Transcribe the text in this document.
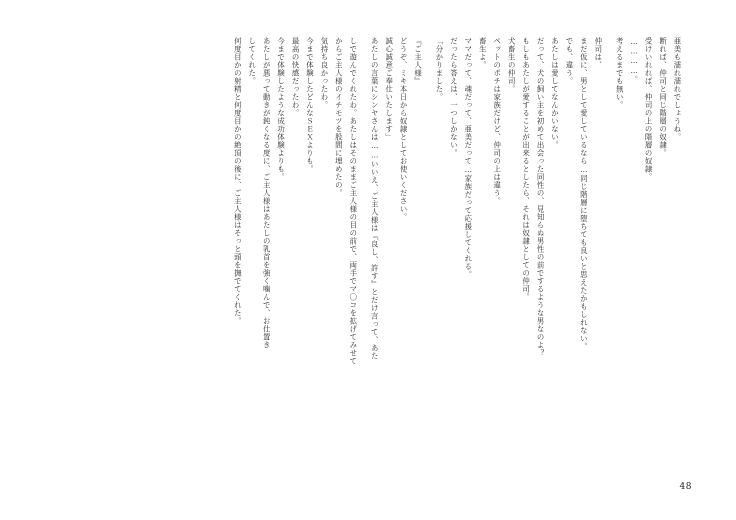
亜美も濡れ濡れでしょうね。

断れば、仲司と同じ階層の奴隷。

受けいれれば、仲司の上の階層の奴隷。

…………。

考えるまでも無い。

仲司は、

まだ仮に、男として愛しているなら…同じ階層に堕ちても良いと思えたかもしれない。

でも、違う。

あたしは愛してなんかいない。

だって、犬の飼い主を初めて出会った同性の、見知らぬ男性の前でするような男なのよ？

もしもあたしが愛することが出来るとしたら、それは奴隷としての仲司。

犬畜生の仲司。

ペットのポチは家族だけど、仲司の上は違う。

畜生よ。

ママだって、魂だって、亜美だって…家族だって応援してくれる。

だったら答えは、一つしかない。

「分かりました。

『ご主人様』

どうぞ、ミキ本日から奴隷としてお使いください。

誠心誠意ご奉仕いたします」

あたしの言葉にシンヤさんは……いいえ、ご主人様は『良し、許す』とだけ言って、あた

しで遊んでくれたわ。あたしはそのままご主人様の目の前で、両手でマ〇コを拡げてみせて

からご主人様のイチモツを股間に埋めたの。

気持ち良かったわ。

今まで体験したどんなＳＥＸよりも。

最高の快感だったわ。

今まで体験したような成功体験よりも。

あたしが悪って動きが鈍くなる度に、ご主人様はあたしの乳首を強く噛んで、お仕置き

してくれた。

何度目かの射精と何度目かの絶頂の後に、ご主人様はそっと頭を撫でてくれた。

48
